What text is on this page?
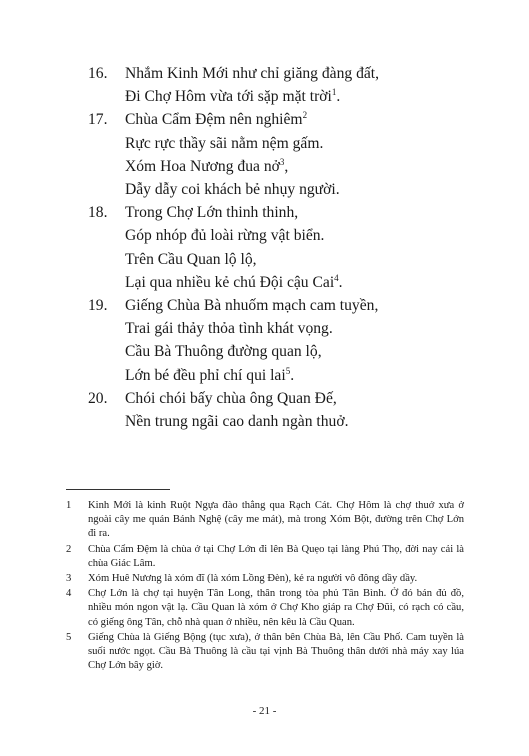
16.	Nhắm Kinh Mới như chỉ giăng đàng đất,
Đi Chợ Hôm vừa tới sặp mặt trời$^1$.
17.	Chùa Cẩm Đệm nên nghiêm$^2$
Rực rực thầy sãi nằm nệm gấm.
Xóm Hoa Nương đua nở$^3$,
Dẫy dẫy coi khách bẻ nhụy người.
18.	Trong Chợ Lớn thinh thinh,
Góp nhóp đủ loài rừng vật biển.
Trên Cầu Quan lộ lộ,
Lại qua nhiều kẻ chú Đội cậu Cai$^4$.
19.	Giếng Chùa Bà nhuốm mạch cam tuyền,
Trai gái thảy thỏa tình khát vọng.
Cầu Bà Thuông đường quan lộ,
Lớn bé đều phỉ chí qui lai$^5$.
20.	Chói chói bấy chùa ông Quan Đế,
Nền trung ngãi cao danh ngàn thuở.
1	Kinh Mới là kinh Ruột Ngựa đào thẳng qua Rạch Cát. Chợ Hôm là chợ thuở xưa ở ngoài cây me quán Bánh Nghệ (cây me mát), mà trong Xóm Bột, đường trên Chợ Lớn đi ra.
2	Chùa Cẩm Đệm là chùa ở tại Chợ Lớn đi lên Bà Quẹo tại làng Phú Thọ, đời nay cải là chùa Giác Lâm.
3	Xóm Huê Nương là xóm đĩ (là xóm Lồng Đèn), kẻ ra người vô đông dầy dầy.
4	Chợ Lớn là chợ tại huyện Tân Long, thân trong tòa phủ Tân Bình. Ở đó bán đủ đồ, nhiều món ngon vật lạ. Cầu Quan là xóm ở Chợ Kho giáp ra Chợ Đũi, có rạch có cầu, có giếng ông Tân, chỗ nhà quan ở nhiều, nên kêu là Cầu Quan.
5	Giếng Chùa là Giếng Bộng (tục xưa), ở thân bên Chùa Bà, lên Cầu Phố. Cam tuyền là suối nước ngọt. Cầu Bà Thuông là cầu tại vịnh Bà Thuông thân dưới nhà máy xay lúa Chợ Lớn bây giờ.
- 21 -
